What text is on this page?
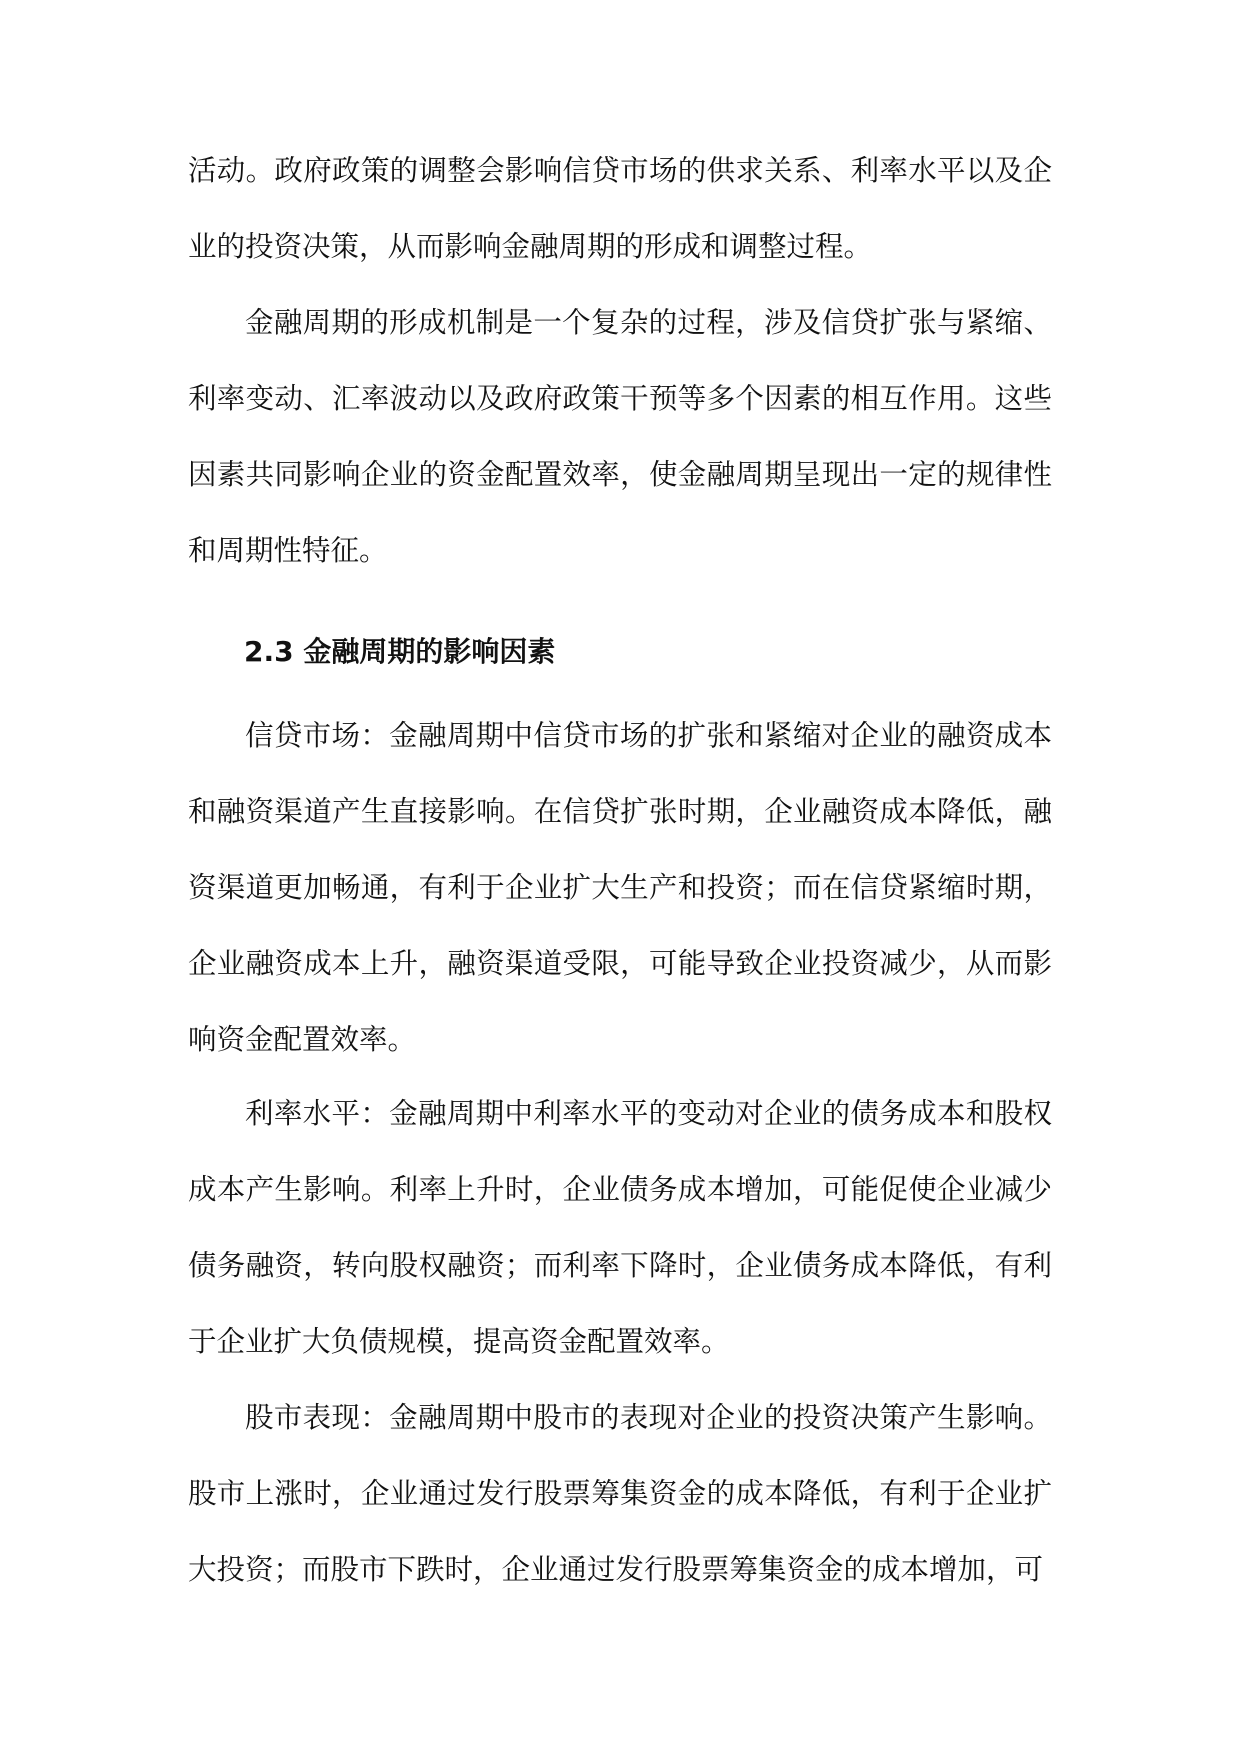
活动。政府政策的调整会影响信贷市场的供求关系、利率水平以及企业的投资决策，从而影响金融周期的形成和调整过程。

金融周期的形成机制是一个复杂的过程，涉及信贷扩张与紧缩、利率变动、汇率波动以及政府政策干预等多个因素的相互作用。这些因素共同影响企业的资金配置效率，使金融周期呈现出一定的规律性和周期性特征。

2.3 金融周期的影响因素

信贷市场：金融周期中信贷市场的扩张和紧缩对企业的融资成本和融资渠道产生直接影响。在信贷扩张时期，企业融资成本降低，融资渠道更加畅通，有利于企业扩大生产和投资；而在信贷紧缩时期，企业融资成本上升，融资渠道受限，可能导致企业投资减少，从而影响资金配置效率。

利率水平：金融周期中利率水平的变动对企业的债务成本和股权成本产生影响。利率上升时，企业债务成本增加，可能促使企业减少债务融资，转向股权融资；而利率下降时，企业债务成本降低，有利于企业扩大负债规模，提高资金配置效率。

股市表现：金融周期中股市的表现对企业的投资决策产生影响。股市上涨时，企业通过发行股票筹集资金的成本降低，有利于企业扩大投资；而股市下跌时，企业通过发行股票筹集资金的成本增加，可
